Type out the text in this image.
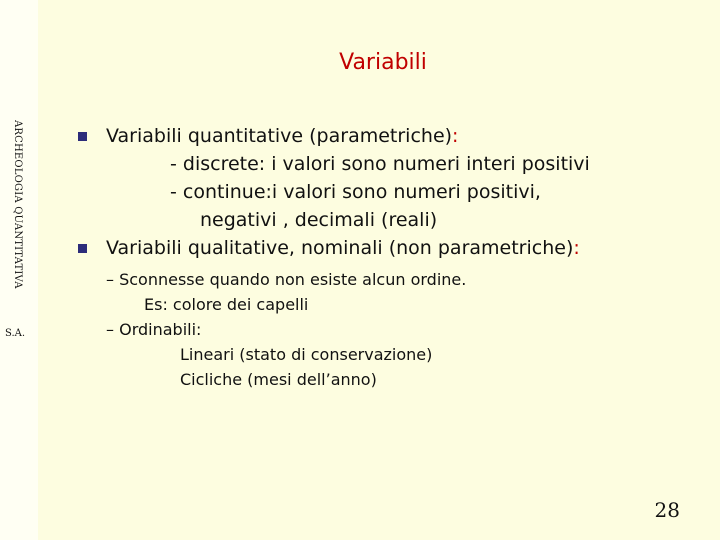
ARCHEOLOGIA QUANTITATIVA
S.A.
Variabili
Variabili quantitative (parametriche):
- discrete: i valori sono numeri interi positivi
- continue:i valori sono numeri positivi,
negativi , decimali (reali)
Variabili qualitative, nominali (non parametriche):
– Sconnesse quando non esiste alcun ordine.
Es: colore dei capelli
– Ordinabili:
Lineari (stato di conservazione)
Cicliche (mesi dell’anno)
28
